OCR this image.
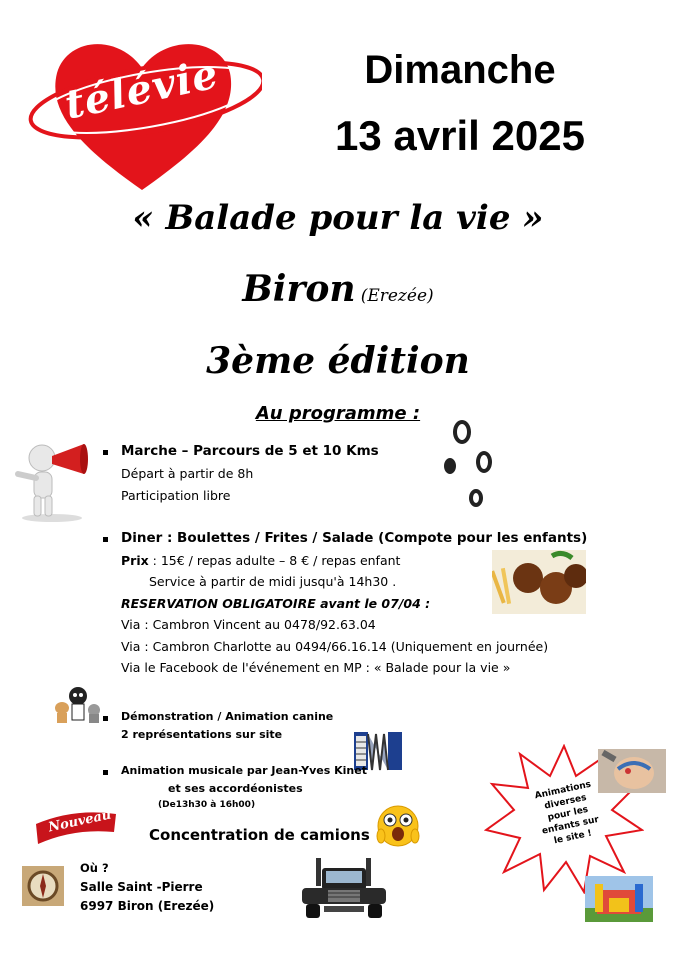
télévie	Dimanche
13 avril 2025
« Balade pour la vie »
Biron (Erezée)
3ème édition
Au programme :
Marche – Parcours de 5 et 10 Kms
Départ à partir de 8h
Participation libre
Diner : Boulettes / Frites / Salade (Compote pour les enfants)
Prix : 15€ / repas adulte – 8 € / repas enfant
Service à partir de midi jusqu'à 14h30 .
RESERVATION OBLIGATOIRE avant le 07/04 :
Via : Cambron Vincent au 0478/92.63.04
Via : Cambron Charlotte au 0494/66.16.14 (Uniquement en journée)
Via le Facebook de l'événement en MP : « Balade pour la vie »
Démonstration / Animation canine
2 représentations sur site
Animation musicale par Jean-Yves Kinet
et ses accordéonistes
(De13h30 à 16h00)
Nouveau Concentration de camions
Où ?
Salle Saint -Pierre
6997 Biron (Erezée)
Animations diverses pour les enfants sur le site !
